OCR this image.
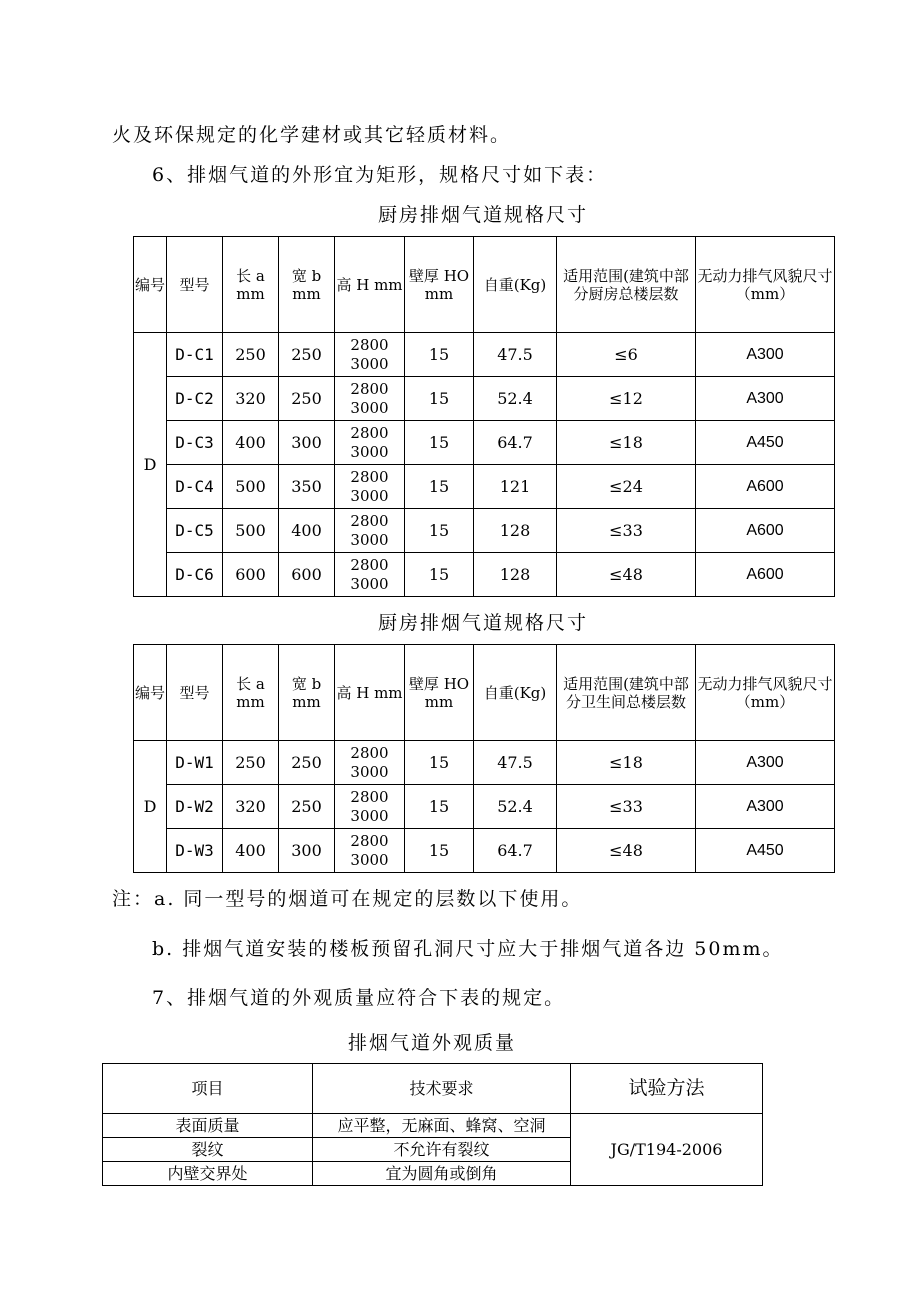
火及环保规定的化学建材或其它轻质材料。
6、排烟气道的外形宜为矩形，规格尺寸如下表：
厨房排烟气道规格尺寸
编号	型号	长 a mm	宽 b mm	高 H mm	壁厚 HO mm	自重(Kg)	适用范围(建筑中部分厨房总楼层数	无动力排气风貌尺寸（mm）
D	D-C1	250	250	2800
3000	15	47.5	≤6	A300
	D-C2	320	250	2800
3000	15	52.4	≤12	A300
	D-C3	400	300	2800
3000	15	64.7	≤18	A450
	D-C4	500	350	2800
3000	15	121	≤24	A600
	D-C5	500	400	2800
3000	15	128	≤33	A600
	D-C6	600	600	2800
3000	15	128	≤48	A600
厨房排烟气道规格尺寸
编号	型号	长 a mm	宽 b mm	高 H mm	壁厚 HO mm	自重(Kg)	适用范围(建筑中部分卫生间总楼层数	无动力排气风貌尺寸（mm）
D	D-W1	250	250	2800
3000	15	47.5	≤18	A300
	D-W2	320	250	2800
3000	15	52.4	≤33	A300
	D-W3	400	300	2800
3000	15	64.7	≤48	A450
注：a. 同一型号的烟道可在规定的层数以下使用。
b. 排烟气道安装的楼板预留孔洞尺寸应大于排烟气道各边 50mm。
7、排烟气道的外观质量应符合下表的规定。
排烟气道外观质量
项目	技术要求	试验方法
表面质量	应平整，无麻面、蜂窝、空洞	JG/T194-2006
裂纹	不允许有裂纹	
内壁交界处	宜为圆角或倒角	
